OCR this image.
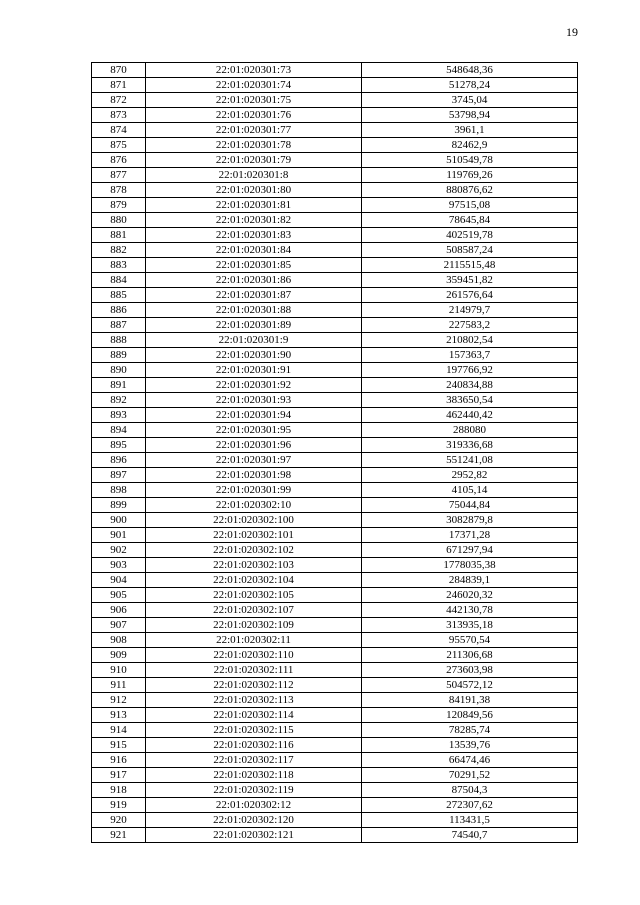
19
870	22:01:020301:73	548648,36
871	22:01:020301:74	51278,24
872	22:01:020301:75	3745,04
873	22:01:020301:76	53798,94
874	22:01:020301:77	3961,1
875	22:01:020301:78	82462,9
876	22:01:020301:79	510549,78
877	22:01:020301:8	119769,26
878	22:01:020301:80	880876,62
879	22:01:020301:81	97515,08
880	22:01:020301:82	78645,84
881	22:01:020301:83	402519,78
882	22:01:020301:84	508587,24
883	22:01:020301:85	2115515,48
884	22:01:020301:86	359451,82
885	22:01:020301:87	261576,64
886	22:01:020301:88	214979,7
887	22:01:020301:89	227583,2
888	22:01:020301:9	210802,54
889	22:01:020301:90	157363,7
890	22:01:020301:91	197766,92
891	22:01:020301:92	240834,88
892	22:01:020301:93	383650,54
893	22:01:020301:94	462440,42
894	22:01:020301:95	288080
895	22:01:020301:96	319336,68
896	22:01:020301:97	551241,08
897	22:01:020301:98	2952,82
898	22:01:020301:99	4105,14
899	22:01:020302:10	75044,84
900	22:01:020302:100	3082879,8
901	22:01:020302:101	17371,28
902	22:01:020302:102	671297,94
903	22:01:020302:103	1778035,38
904	22:01:020302:104	284839,1
905	22:01:020302:105	246020,32
906	22:01:020302:107	442130,78
907	22:01:020302:109	313935,18
908	22:01:020302:11	95570,54
909	22:01:020302:110	211306,68
910	22:01:020302:111	273603,98
911	22:01:020302:112	504572,12
912	22:01:020302:113	84191,38
913	22:01:020302:114	120849,56
914	22:01:020302:115	78285,74
915	22:01:020302:116	13539,76
916	22:01:020302:117	66474,46
917	22:01:020302:118	70291,52
918	22:01:020302:119	87504,3
919	22:01:020302:12	272307,62
920	22:01:020302:120	113431,5
921	22:01:020302:121	74540,7
